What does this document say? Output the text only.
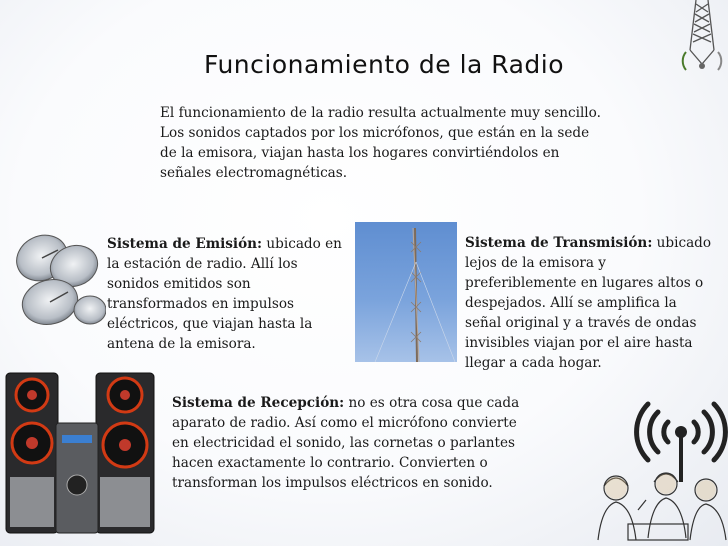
Funcionamiento de la Radio
El funcionamiento de la radio resulta actualmente muy sencillo. Los sonidos captados por los micrófonos, que están en la sede de la emisora, viajan hasta los hogares convirtiéndolos en señales electromagnéticas.
Sistema de Emisión: ubicado en la estación de radio. Allí los sonidos emitidos son transformados en impulsos eléctricos, que viajan hasta la antena de la emisora.
Sistema de Transmisión: ubicado lejos de la emisora y preferiblemente en lugares altos o despejados. Allí se amplifica la señal original y a través de ondas invisibles viajan por el aire hasta llegar a cada hogar.
Sistema de Recepción: no es otra cosa que cada aparato de radio. Así como el micrófono convierte en electricidad el sonido, las cornetas o parlantes hacen exactamente lo contrario. Convierten o transforman los impulsos eléctricos en sonido.
